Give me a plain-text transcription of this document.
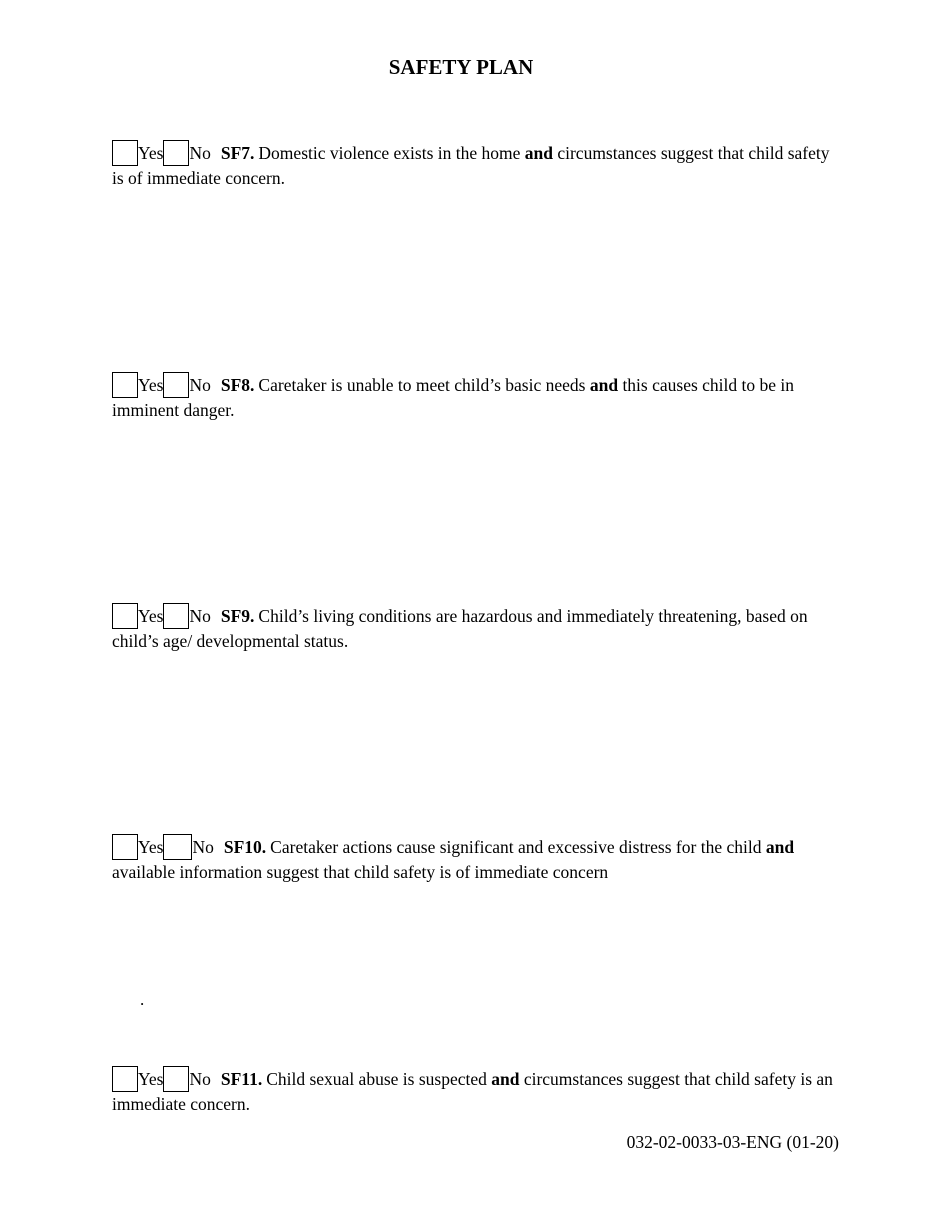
SAFETY PLAN
Yes No SF7. Domestic violence exists in the home and circumstances suggest that child safety is of immediate concern.
Yes No SF8. Caretaker is unable to meet child’s basic needs and this causes child to be in imminent danger.
Yes No SF9. Child’s living conditions are hazardous and immediately threatening, based on child’s age/ developmental status.
Yes No SF10. Caretaker actions cause significant and excessive distress for the child and available information suggest that child safety is of immediate concern
.
Yes No SF11. Child sexual abuse is suspected and circumstances suggest that child safety is an immediate concern.
032-02-0033-03-ENG (01-20)
